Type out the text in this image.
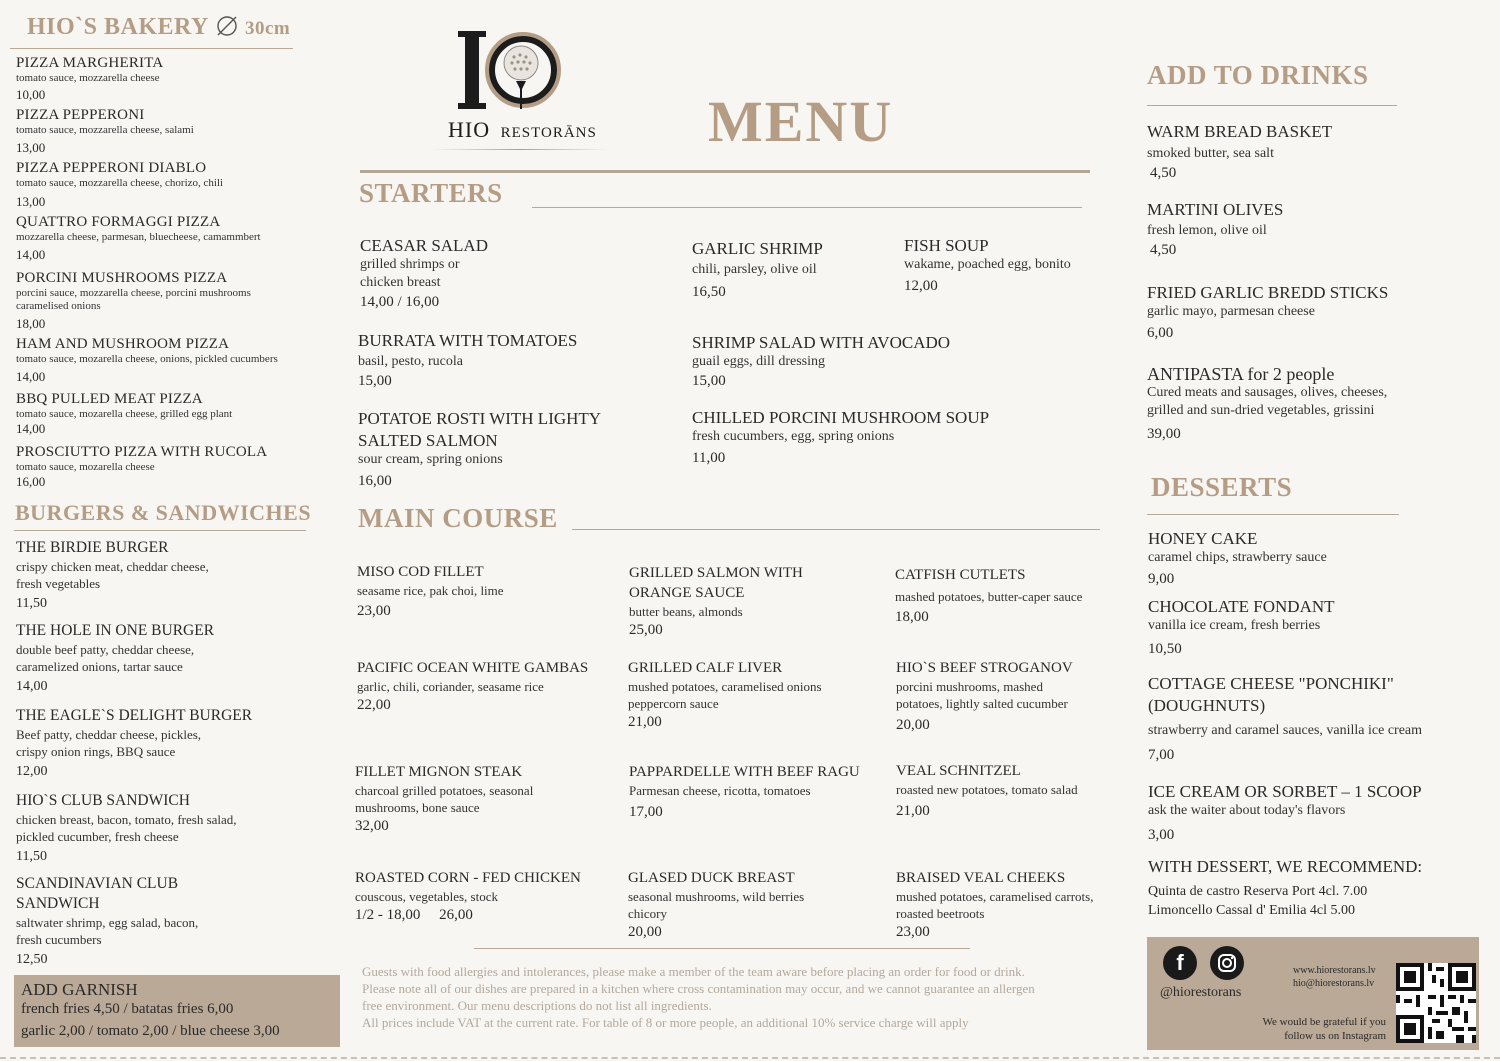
HIO`S BAKERY 30cm
PIZZA MARGHERITA
tomato sauce, mozzarella cheese
10,00
PIZZA PEPPERONI
tomato sauce, mozzarella cheese, salami
13,00
PIZZA PEPPERONI DIABLO
tomato sauce, mozzarella cheese, chorizo, chili
13,00
QUATTRO FORMAGGI PIZZA
mozzarella cheese, parmesan, bluecheese, camammbert
14,00
PORCINI MUSHROOMS PIZZA
porcini sauce, mozzarella cheese, porcini mushrooms caramelised onions
18,00
HAM AND MUSHROOM PIZZA
tomato sauce, mozarella cheese, onions, pickled cucumbers
14,00
BBQ PULLED MEAT PIZZA
tomato sauce, mozarella cheese, grilled egg plant
14,00
PROSCIUTTO PIZZA WITH RUCOLA
tomato sauce, mozarella cheese
16,00
BURGERS & SANDWICHES
THE BIRDIE BURGER
crispy chicken meat, cheddar cheese,
fresh vegetables
11,50
THE HOLE IN ONE BURGER
double beef patty, cheddar cheese,
caramelized onions, tartar sauce
14,00
THE EAGLE`S DELIGHT BURGER
Beef patty, cheddar cheese, pickles,
crispy onion rings, BBQ sauce
12,00
HIO`S CLUB SANDWICH
chicken breast, bacon, tomato, fresh salad,
pickled cucumber, fresh cheese
11,50
SCANDINAVIAN CLUB
SANDWICH
saltwater shrimp, egg salad, bacon,
fresh cucumbers
12,50
ADD GARNISH
french fries 4,50 / batatas fries 6,00
garlic 2,00 / tomato 2,00 / blue cheese 3,00
HIO RESTORĀNS MENU
STARTERS
CEASAR SALAD
grilled shrimps or
chicken breast
14,00 / 16,00
GARLIC SHRIMP
chili, parsley, olive oil
16,50
FISH SOUP
wakame, poached egg, bonito
12,00
BURRATA WITH TOMATOES
basil, pesto, rucola
15,00
SHRIMP SALAD WITH AVOCADO
guail eggs, dill dressing
15,00
POTATOE ROSTI WITH LIGHTY
SALTED SALMON
sour cream, spring onions
16,00
CHILLED PORCINI MUSHROOM SOUP
fresh cucumbers, egg, spring onions
11,00
MAIN COURSE
MISO COD FILLET
seasame rice, pak choi, lime
23,00
GRILLED SALMON WITH
ORANGE SAUCE
butter beans, almonds
25,00
CATFISH CUTLETS
mashed potatoes, butter-caper sauce
18,00
PACIFIC OCEAN WHITE GAMBAS
garlic, chili, coriander, seasame rice
22,00
GRILLED CALF LIVER
mushed potatoes, caramelised onions
peppercorn sauce
21,00
HIO`S BEEF STROGANOV
porcini mushrooms, mashed
potatoes, lightly salted cucumber
20,00
FILLET MIGNON STEAK
charcoal grilled potatoes, seasonal
mushrooms, bone sauce
32,00
PAPPARDELLE WITH BEEF RAGU
Parmesan cheese, ricotta, tomatoes
17,00
VEAL SCHNITZEL
roasted new potatoes, tomato salad
21,00
ROASTED CORN - FED CHICKEN
couscous, vegetables, stock
1/2 - 18,00     26,00
GLASED DUCK BREAST
seasonal mushrooms, wild berries
chicory
20,00
BRAISED VEAL CHEEKS
mushed potatoes, caramelised carrots,
roasted beetroots
23,00
Guests with food allergies and intolerances, please make a member of the team aware before placing an order for food or drink.
Please note all of our dishes are prepared in a kitchen where cross contamination may occur, and we cannot guarantee an allergen
free environment. Our menu descriptions do not list all ingredients.
All prices include VAT at the current rate. For table of 8 or more people, an additional 10% service charge will apply
ADD TO DRINKS
WARM BREAD BASKET
smoked butter, sea salt
4,50
MARTINI OLIVES
fresh lemon, olive oil
4,50
FRIED GARLIC BREDD STICKS
garlic mayo, parmesan cheese
6,00
ANTIPASTA for 2 people
Cured meats and sausages, olives, cheeses,
grilled and sun-dried vegetables, grissini
39,00
DESSERTS
HONEY CAKE
caramel chips, strawberry sauce
9,00
CHOCOLATE FONDANT
vanilla ice cream, fresh berries
10,50
COTTAGE CHEESE "PONCHIKI"
(DOUGHNUTS)
strawberry and caramel sauces, vanilla ice cream
7,00
ICE CREAM OR SORBET – 1 SCOOP
ask the waiter about today's flavors
3,00
WITH DESSERT, WE RECOMMEND:
Quinta de castro Reserva Port 4cl. 7.00
Limoncello Cassal d' Emilia 4cl 5.00
f
@hiorestorans
www.hiorestorans.lv
hio@hiorestorans.lv
We would be grateful if you
follow us on Instagram
